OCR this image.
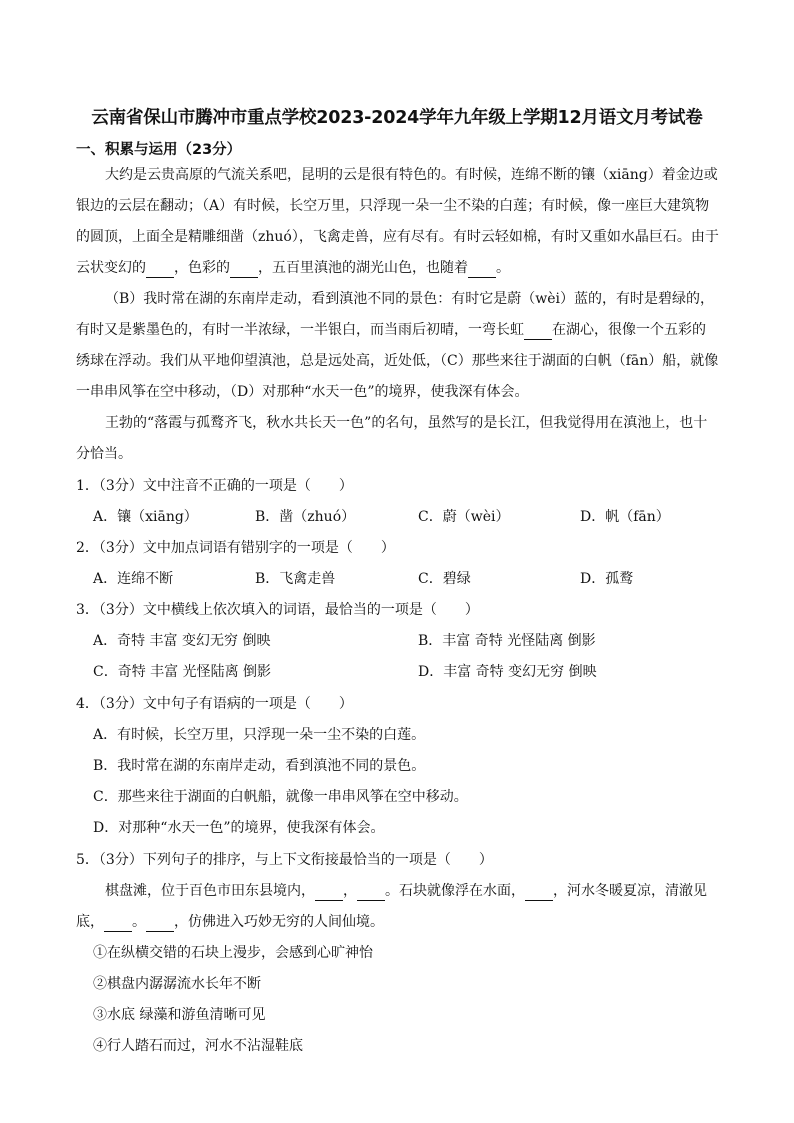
云南省保山市腾冲市重点学校2023-2024学年九年级上学期12月语文月考试卷
一、积累与运用（23分）
大约是云贵高原的气流关系吧，昆明的云是很有特色的。有时候，连绵不断的镶（xiāng）着金边或
银边的云层在翻动；（A）有时候，长空万里，只浮现一朵一尘不染的白莲；有时候，像一座巨大建筑物
的圆顶，上面全是精雕细凿（zhuó），飞禽走兽，应有尽有。有时云轻如棉，有时又重如水晶巨石。由于
云状变幻的 ，色彩的 ，五百里滇池的湖光山色，也随着 。
（B）我时常在湖的东南岸走动，看到滇池不同的景色：有时它是蔚（wèi）蓝的，有时是碧绿的，
有时又是紫墨色的，有时一半浓绿，一半银白，而当雨后初晴，一弯长虹 在湖心，很像一个五彩的
绣球在浮动。我们从平地仰望滇池，总是远处高，近处低，（C）那些来往于湖面的白帆（fān）船，就像
一串串风筝在空中移动，（D）对那种“水天一色”的境界，使我深有体会。
王勃的“落霞与孤鹜齐飞，秋水共长天一色”的名句，虽然写的是长江，但我觉得用在滇池上，也十
分恰当。
1．（3分）文中注音不正确的一项是（　　）
A．镶（xiāng）	B．凿（zhuó）	C．蔚（wèi）	D．帆（fān）
2．（3分）文中加点词语有错别字的一项是（　　）
A．连绵不断	B．飞禽走兽	C．碧绿	D．孤鹜
3．（3分）文中横线上依次填入的词语，最恰当的一项是（　　）
A．奇特 丰富 变幻无穷 倒映	B．丰富 奇特 光怪陆离 倒影
C．奇特 丰富 光怪陆离 倒影	D．丰富 奇特 变幻无穷 倒映
4．（3分）文中句子有语病的一项是（　　）
A．有时候，长空万里，只浮现一朵一尘不染的白莲。
B．我时常在湖的东南岸走动，看到滇池不同的景色。
C．那些来往于湖面的白帆船，就像一串串风筝在空中移动。
D．对那种“水天一色”的境界，使我深有体会。
5．（3分）下列句子的排序，与上下文衔接最恰当的一项是（　　）
棋盘滩，位于百色市田东县境内， ， 。石块就像浮在水面， ，河水冬暖夏凉，清澈见
底， 。 ，仿佛进入巧妙无穷的人间仙境。
①在纵横交错的石块上漫步，会感到心旷神怡
②棋盘内潺潺流水长年不断
③水底 绿藻和游鱼清晰可见
④行人踏石而过，河水不沾湿鞋底
